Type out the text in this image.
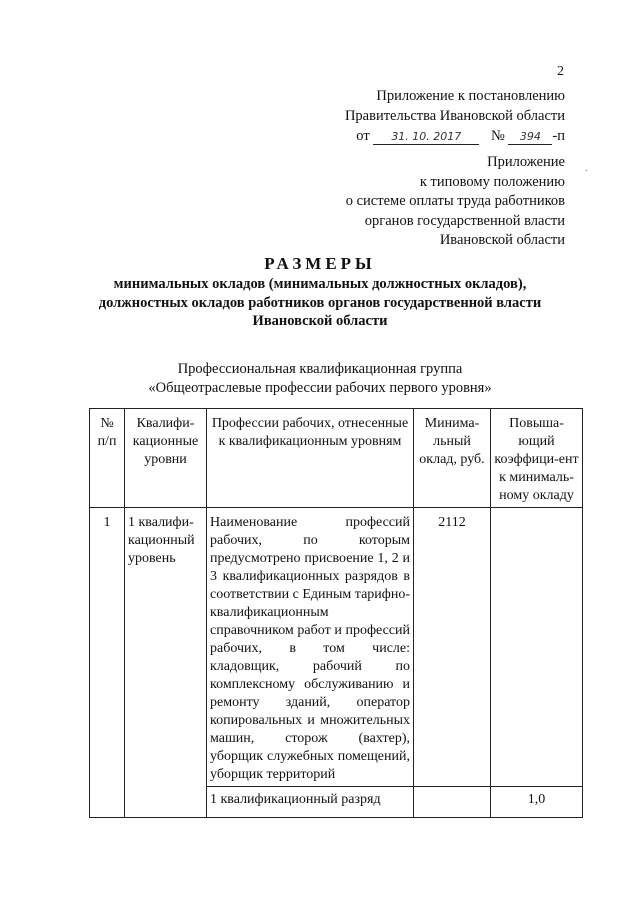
2
Приложение к постановлению
Правительства Ивановской области
от 31. 10. 2017 № 394 -п
·
Приложение
к типовому положению
о системе оплаты труда работников
органов государственной власти
Ивановской области
РАЗМЕРЫ
минимальных окладов (минимальных должностных окладов),
должностных окладов работников органов государственной власти
Ивановской области
Профессиональная квалификационная группа
«Общеотраслевые профессии рабочих первого уровня»
№ п/п	Квалифи-кационные уровни	Профессии рабочих, отнесенные к квалификационным уровням	Минима-льный оклад, руб.	Повыша-ющий коэффици-ент к минималь-ному окладу
1	1 квалифи-кационный уровень	Наименование профессий рабочих, по которым предусмотрено присвоение 1, 2 и 3 квалификационных разрядов в соответствии с Единым тарифно-квалификационным справочником работ и профессий рабочих, в том числе: кладовщик, рабочий по комплексному обслуживанию и ремонту зданий, оператор копировальных и множительных машин, сторож (вахтер), уборщик служебных помещений, уборщик территорий	2112	
		1 квалификационный разряд		1,0
